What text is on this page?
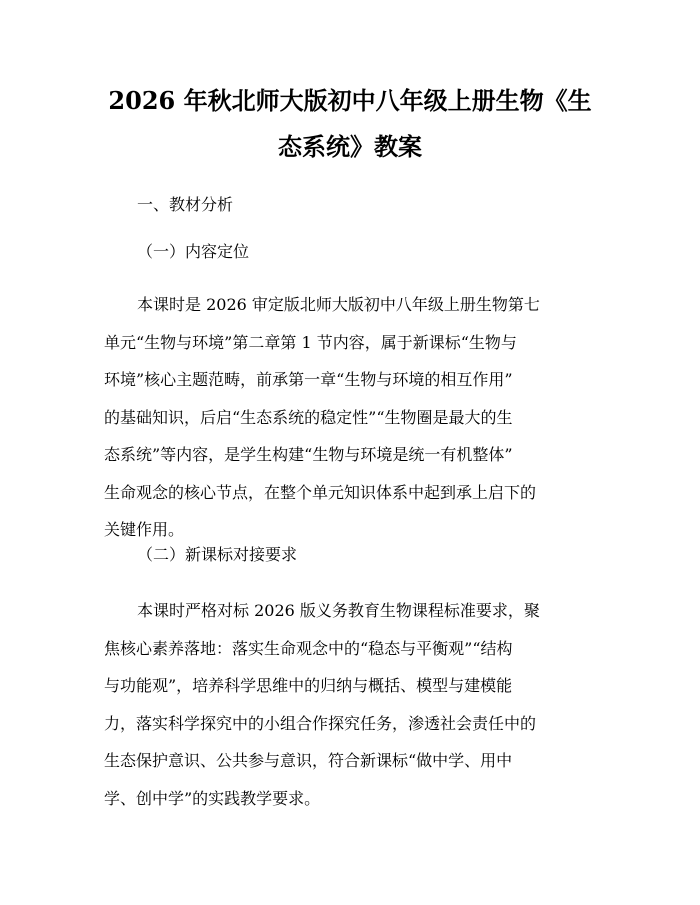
2026 年秋北师大版初中八年级上册生物《生
态系统》教案

一、教材分析

（一）内容定位

本课时是 2026 审定版北师大版初中八年级上册生物第七
单元“生物与环境”第二章第 1 节内容，属于新课标“生物与
环境”核心主题范畴，前承第一章“生物与环境的相互作用”
的基础知识，后启“生态系统的稳定性”“生物圈是最大的生
态系统”等内容，是学生构建“生物与环境是统一有机整体”
生命观念的核心节点，在整个单元知识体系中起到承上启下的
关键作用。

（二）新课标对接要求

本课时严格对标 2026 版义务教育生物课程标准要求，聚
焦核心素养落地：落实生命观念中的“稳态与平衡观”“结构
与功能观”，培养科学思维中的归纳与概括、模型与建模能
力，落实科学探究中的小组合作探究任务，渗透社会责任中的
生态保护意识、公共参与意识，符合新课标“做中学、用中
学、创中学”的实践教学要求。
